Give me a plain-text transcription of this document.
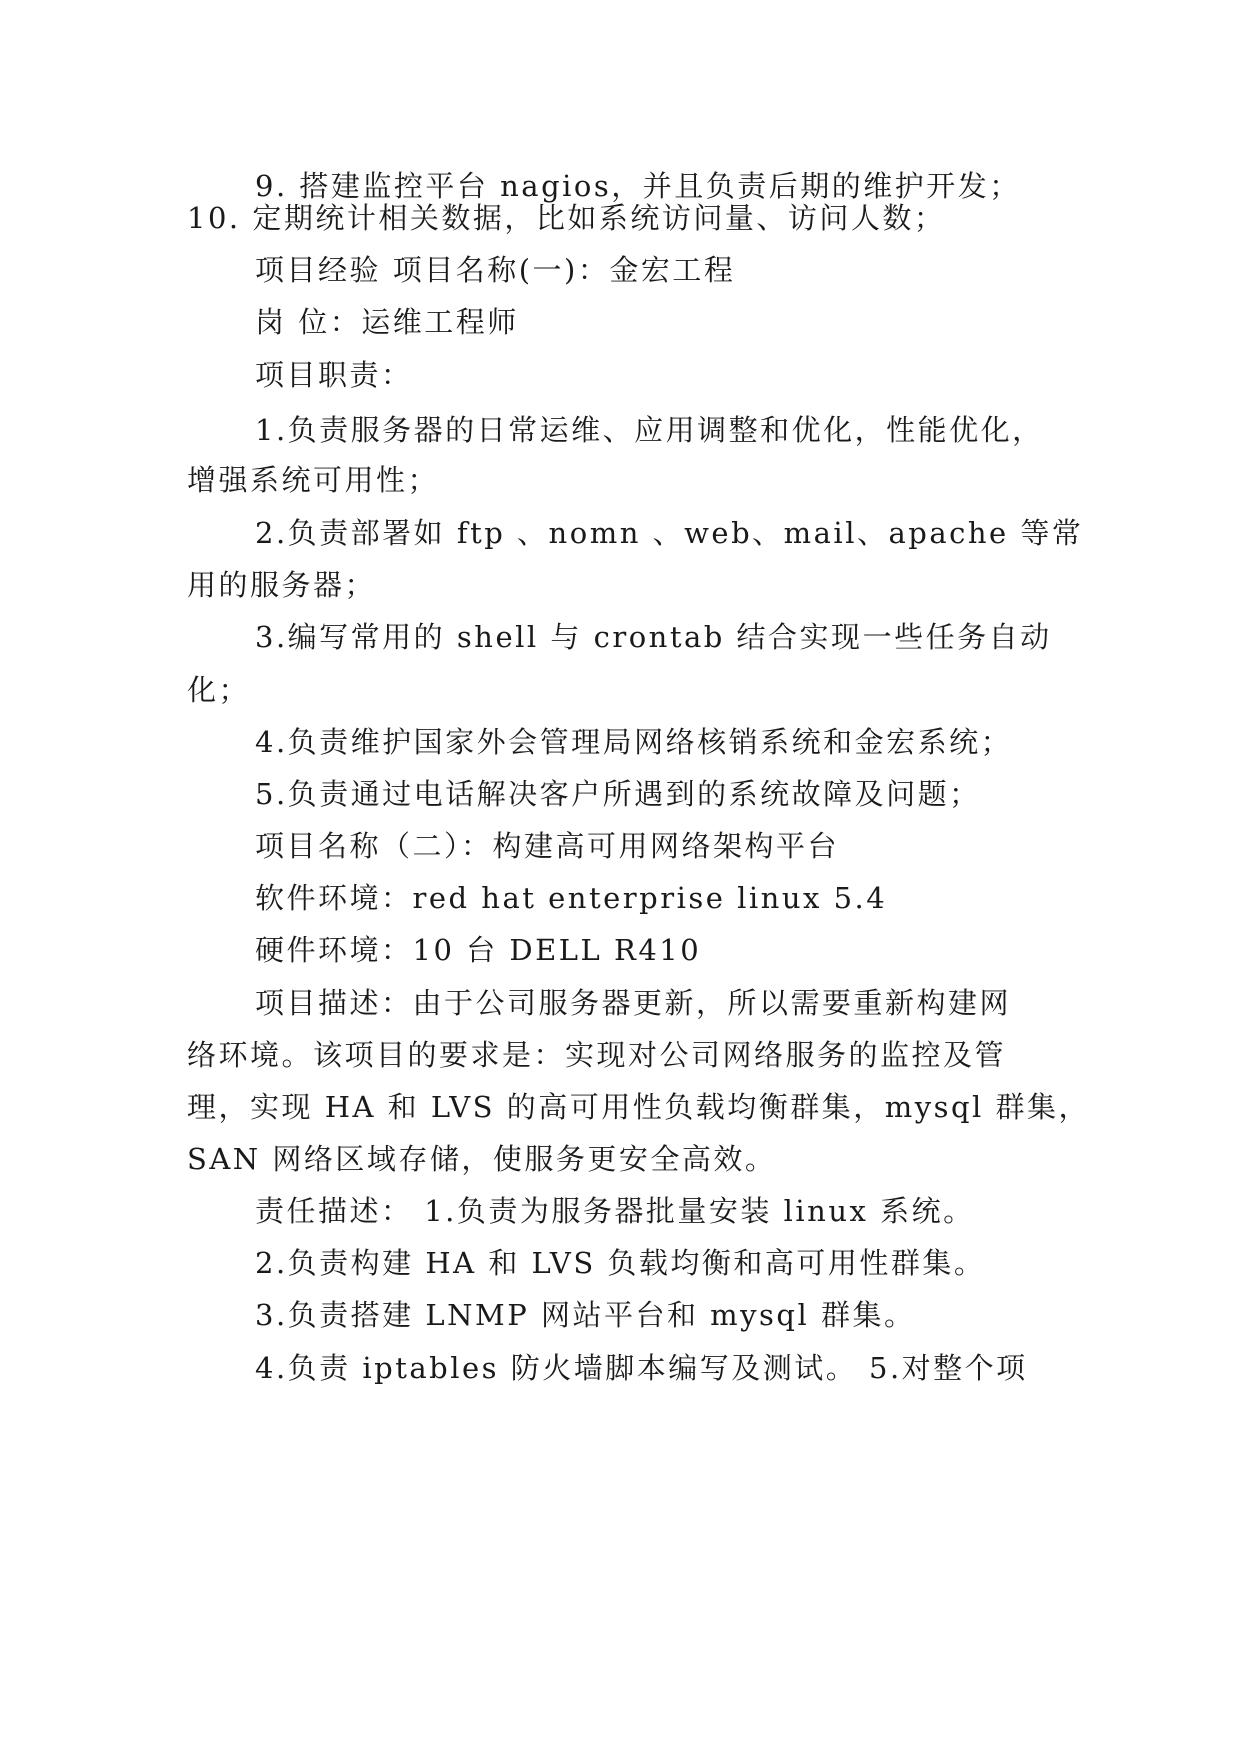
9. 搭建监控平台 nagios，并且负责后期的维护开发；
10. 定期统计相关数据，比如系统访问量、访问人数；
项目经验 项目名称(一)：金宏工程
岗 位：运维工程师
项目职责：
1.负责服务器的日常运维、应用调整和优化，性能优化，
增强系统可用性；
2.负责部署如 ftp 、nomn 、web、mail、apache 等常
用的服务器；
3.编写常用的 shell 与 crontab 结合实现一些任务自动
化；
4.负责维护国家外会管理局网络核销系统和金宏系统；
5.负责通过电话解决客户所遇到的系统故障及问题；
项目名称（二）：构建高可用网络架构平台
软件环境：red hat enterprise linux 5.4
硬件环境：10 台 DELL R410
项目描述：由于公司服务器更新，所以需要重新构建网
络环境。该项目的要求是：实现对公司网络服务的监控及管
理，实现 HA 和 LVS 的高可用性负载均衡群集，mysql 群集，
SAN 网络区域存储，使服务更安全高效。
责任描述： 1.负责为服务器批量安装 linux 系统。
2.负责构建 HA 和 LVS 负载均衡和高可用性群集。
3.负责搭建 LNMP 网站平台和 mysql 群集。
4.负责 iptables 防火墙脚本编写及测试。 5.对整个项
